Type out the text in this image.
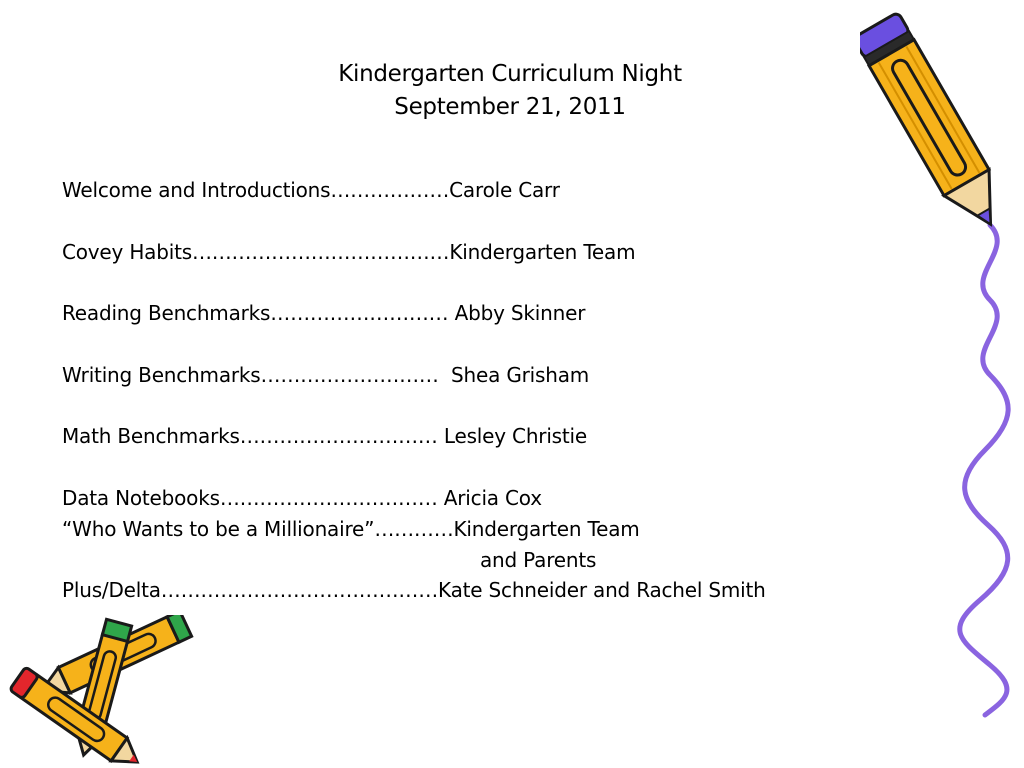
Kindergarten Curriculum Night
September 21, 2011
Welcome and Introductions………………Carole Carr
Covey Habits…………………………………Kindergarten Team
Reading Benchmarks……………………… Abby Skinner
Writing Benchmarks………………………  Shea Grisham
Math Benchmarks………………………… Lesley Christie
Data Notebooks…………………………… Aricia Cox
“Who Wants to be a Millionaire”…………Kindergarten Team
and Parents
Plus/Delta……………………………………Kate Schneider and Rachel Smith
